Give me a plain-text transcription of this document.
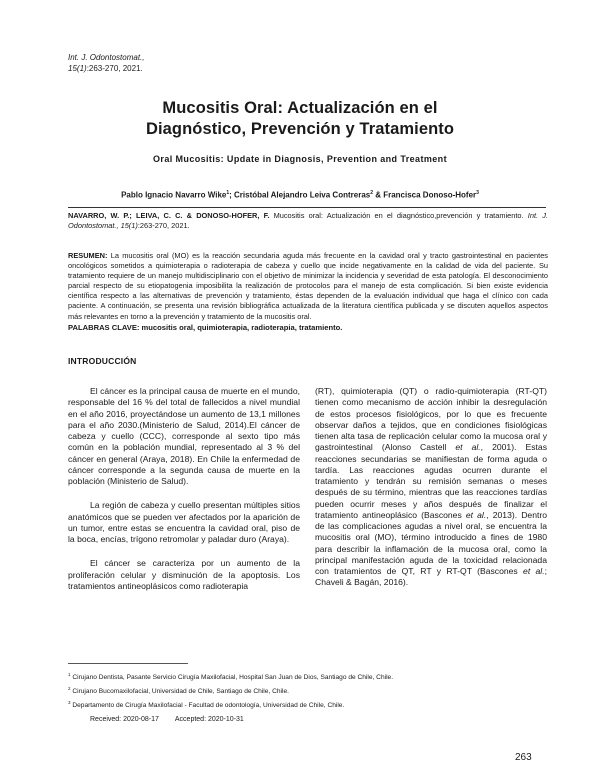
Int. J. Odontostomat.,
15(1):263-270, 2021.
Mucositis Oral: Actualización en el
Diagnóstico, Prevención y Tratamiento
Oral Mucositis: Update in Diagnosis, Prevention and Treatment
Pablo Ignacio Navarro Wike$^1$; Cristóbal Alejandro Leiva Contreras$^2$ & Francisca Donoso-Hofer$^3$
NAVARRO, W. P.; LEIVA, C. C. & DONOSO-HOFER, F. Mucositis oral: Actualización en el diagnóstico,prevención y tratamiento. Int. J. Odontostomat., 15(1):263-270, 2021.
RESUMEN: La mucositis oral (MO) es la reacción secundaria aguda más frecuente en la cavidad oral y tracto gastrointestinal en pacientes oncológicos sometidos a quimioterapia o radioterapia de cabeza y cuello que incide negativamente en la calidad de vida del paciente. Su tratamiento requiere de un manejo multidisciplinario con el objetivo de minimizar la incidencia y severidad de esta patología. El desconocimiento parcial respecto de su etiopatogenia imposibilita la realización de protocolos para el manejo de esta complicación. Si bien existe evidencia científica respecto a las alternativas de prevención y tratamiento, éstas dependen de la evaluación individual que haga el clínico con cada paciente. A continuación, se presenta una revisión bibliográfica actualizada de la literatura científica publicada y se discuten aquellos aspectos más relevantes en torno a la prevención y tratamiento de la mucositis oral.
PALABRAS CLAVE: mucositis oral, quimioterapia, radioterapia, tratamiento.
INTRODUCCIÓN

El cáncer es la principal causa de muerte en el mundo, responsable del 16 % del total de fallecidos a nivel mundial en el año 2016, proyectándose un aumento de 13,1 millones para el año 2030.(Ministerio de Salud, 2014).El cáncer de cabeza y cuello (CCC), corresponde al sexto tipo más común en la población mundial, representado al 3 % del cáncer en general (Araya, 2018). En Chile la enfermedad de cáncer corresponde a la segunda causa de muerte en la población (Ministerio de Salud).

La región de cabeza y cuello presentan múltiples sitios anatómicos que se pueden ver afectados por la aparición de un tumor, entre estas se encuentra la cavidad oral, piso de la boca, encías, trígono retromolar y paladar duro (Araya).

El cáncer se caracteriza por un aumento de la proliferación celular y disminución de la apoptosis. Los tratamientos antineoplásicos como radioterapia

(RT), quimioterapia (QT) o radio-quimioterapia (RT-QT) tienen como mecanismo de acción inhibir la desregulación de estos procesos fisiológicos, por lo que es frecuente observar daños a tejidos, que en condiciones fisiológicas tienen alta tasa de replicación celular como la mucosa oral y gastrointestinal (Alonso Castell et al., 2001). Estas reacciones secundarias se manifiestan de forma aguda o tardía. Las reacciones agudas ocurren durante el tratamiento y tendrán su remisión semanas o meses después de su término, mientras que las reacciones tardías pueden ocurrir meses y años después de finalizar el tratamiento antineoplásico (Bascones et al., 2013). Dentro de las complicaciones agudas a nivel oral, se encuentra la mucositis oral (MO), término introducido a fines de 1980 para describir la inflamación de la mucosa oral, como la principal manifestación aguda de la toxicidad relacionada con tratamientos de QT, RT y RT-QT (Bascones et al.; Chaveli & Bagán, 2016).

$^1$ Cirujano Dentista, Pasante Servicio Cirugía Maxilofacial, Hospital San Juan de Dios, Santiago de Chile, Chile.
$^2$ Cirujano Bucomaxilofacial, Universidad de Chile, Santiago de Chile, Chile.
$^3$ Departamento de Cirugía Maxilofacial - Facultad de odontología, Universidad de Chile, Chile.
Received: 2020-08-17 Accepted: 2020-10-31
263
